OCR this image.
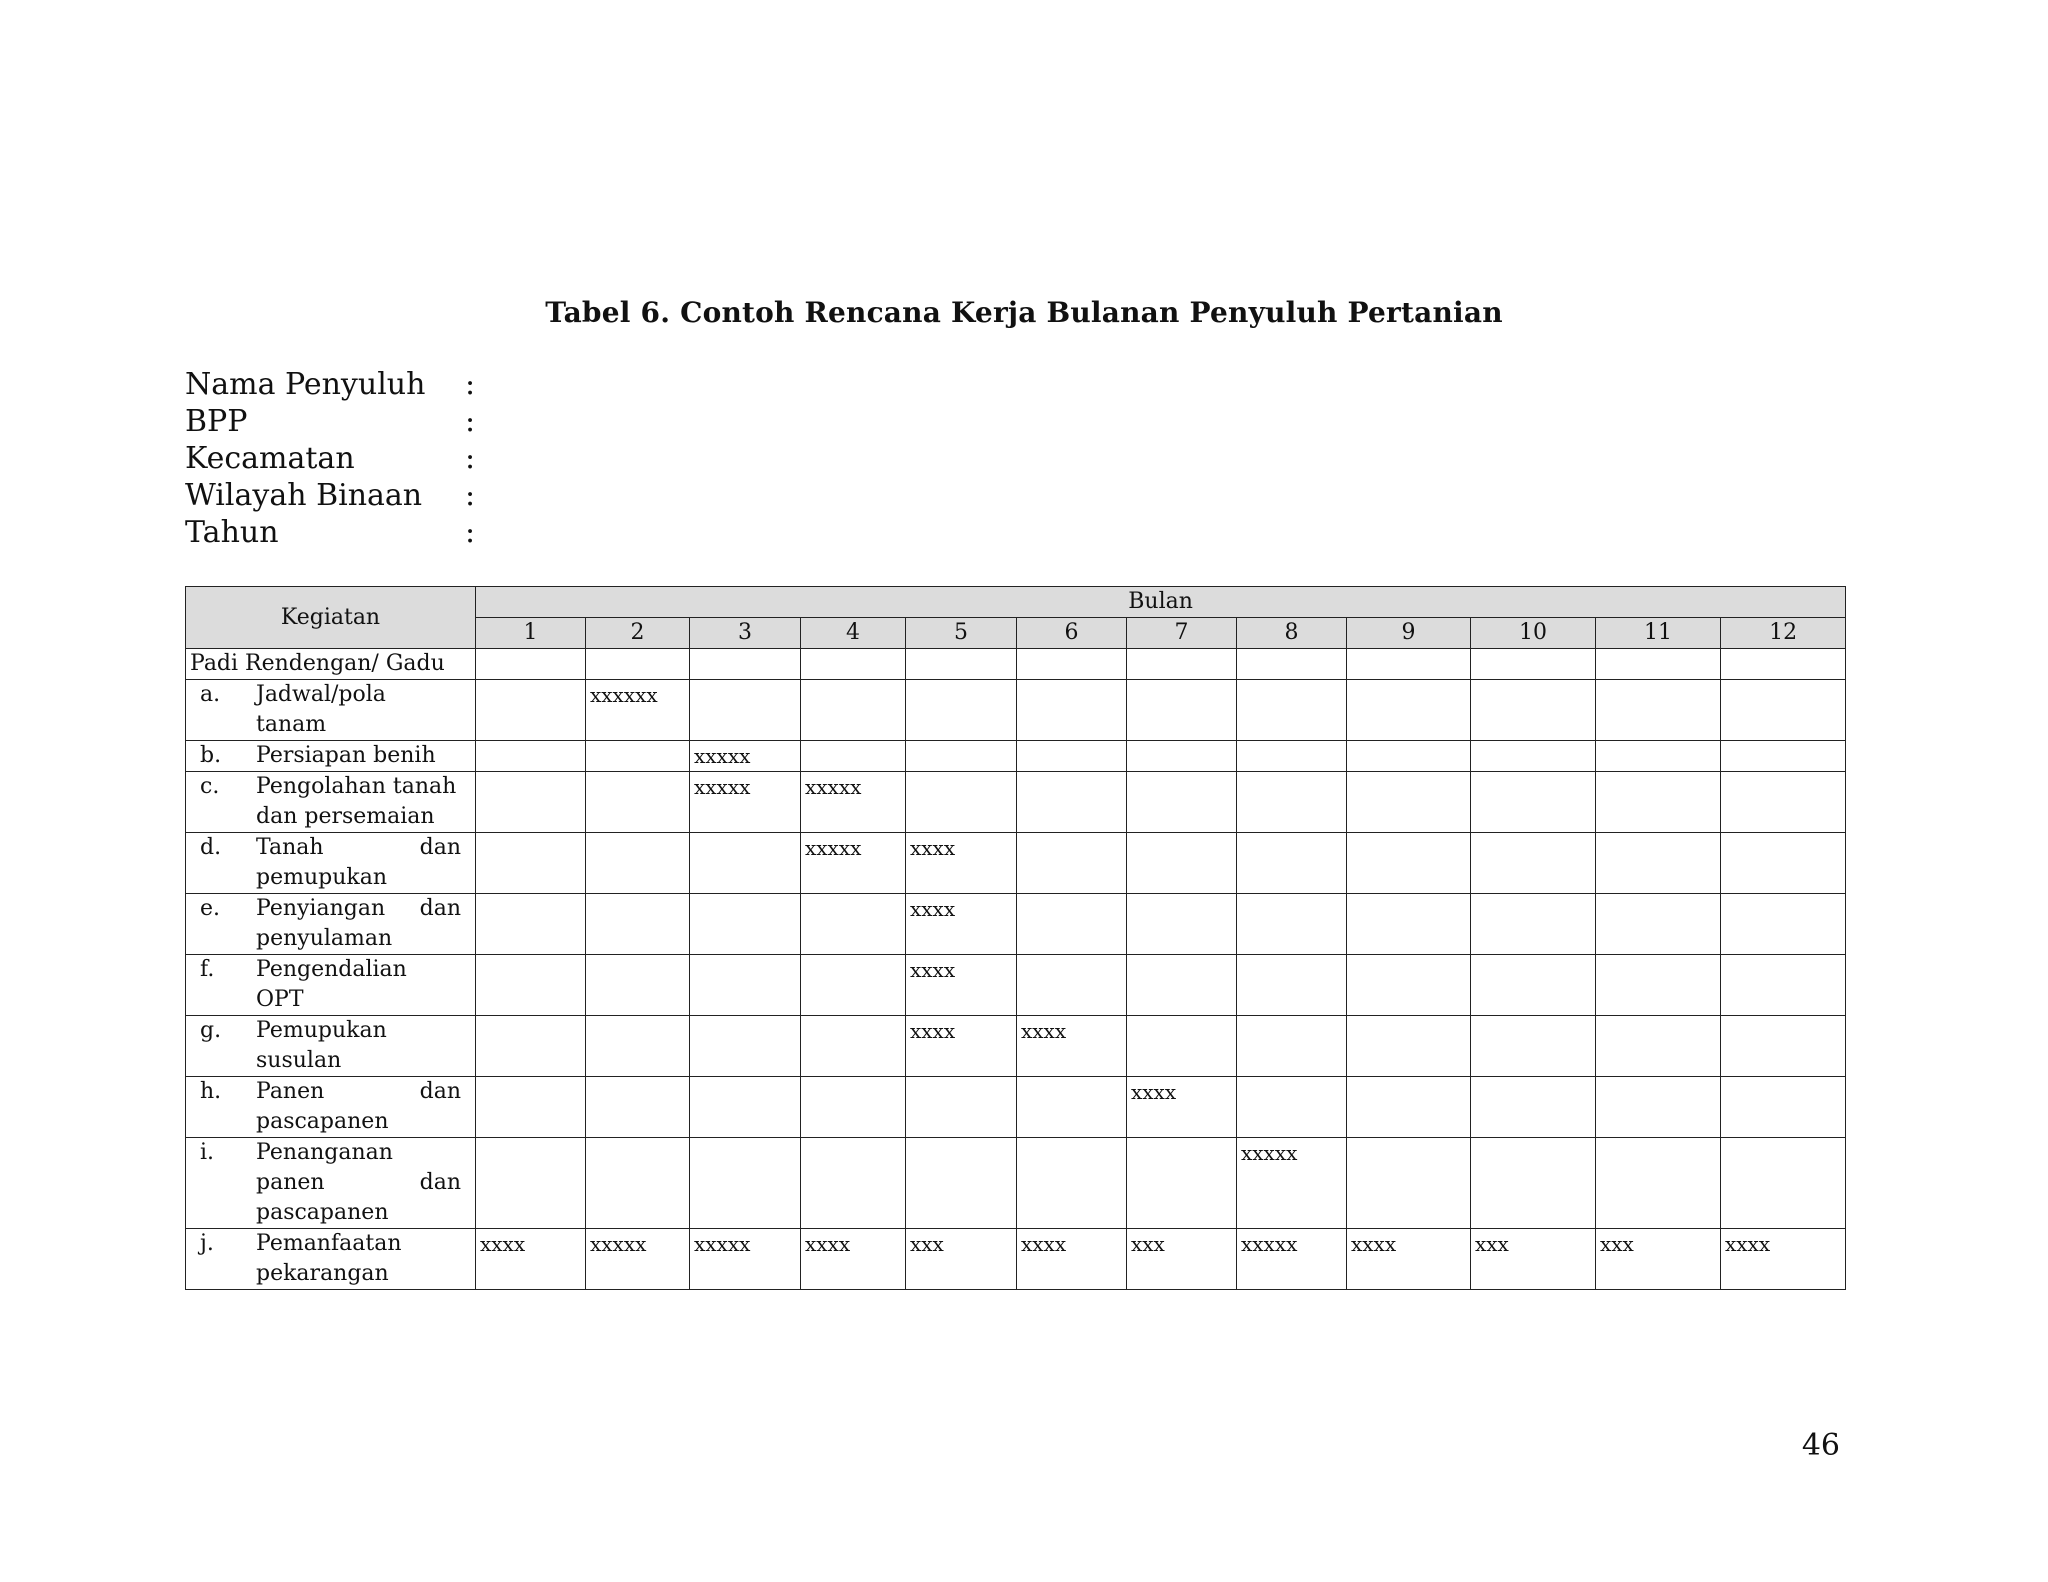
Tabel 6. Contoh Rencana Kerja Bulanan Penyuluh Pertanian
Nama Penyuluh	:
BPP	:
Kecamatan	:
Wilayah Binaan	:
Tahun	:
Kegiatan	Bulan											
	1	2	3	4	5	6	7	8	9	10	11	12
Padi Rendengan/ Gadu												

a. Jadwal/pola
tanam		xxxxxx										

b. Persiapan benih			xxxxx									

c. Pengolahan tanah
dan persemaian			xxxxx	xxxxx								

d. Tanah dan
pemupukan				xxxxx	xxxx							

e. Penyiangan dan
penyulaman					xxxx							

f. Pengendalian OPT					xxxx							

g. Pemupukan
susulan					xxxx	xxxx						

h. Panen dan
pascapanen							xxxx					

i. Penanganan
panen dan
pascapanen								xxxxx				

j. Pemanfaatan
pekarangan	xxxx	xxxxx	xxxxx	xxxx	xxx	xxxx	xxx	xxxxx	xxxx	xxx	xxx	xxxx
46
